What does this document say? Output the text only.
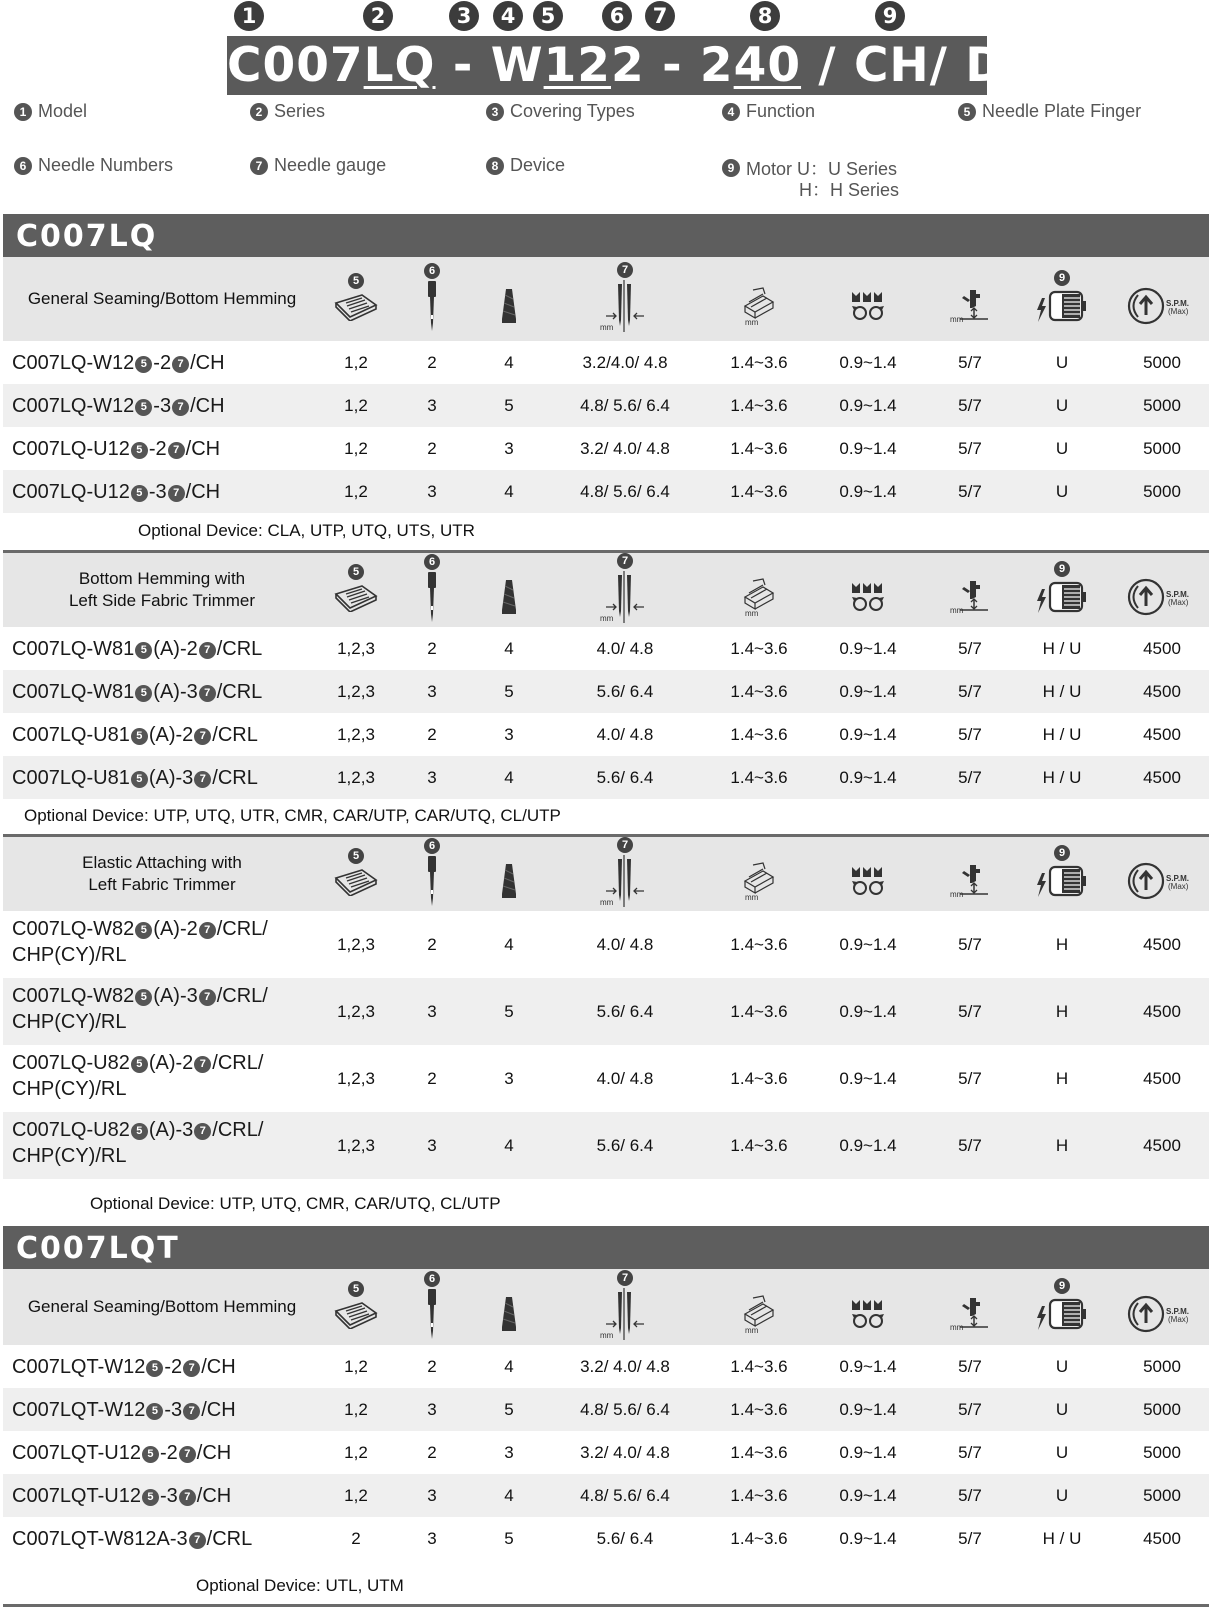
1	2	3	4	5	6	7	8	9
C007LQ - W122 - 240 / CH/ DCLU
1 Model	2 Series	3 Covering Types	4 Function	5 Needle Plate Finger
6 Needle Numbers	7 Needle gauge	8 Device	9 Motor U：U Series
H：H Series
C007LQ
General Seaming/Bottom Hemming
5
6	7
mm
mm	mm
9
S.P.M.
(Max)
C007LQ-W12 5 -2 7 /CH	1,2	2	4	3.2/4.0/ 4.8	1.4~3.6	0.9~1.4	5/7	U	5000
C007LQ-W12 5 -3 7 /CH	1,2	3	5	4.8/ 5.6/ 6.4	1.4~3.6	0.9~1.4	5/7	U	5000
C007LQ-U12 5 -2 7 /CH	1,2	2	3	3.2/ 4.0/ 4.8	1.4~3.6	0.9~1.4	5/7	U	5000
C007LQ-U12 5 -3 7 /CH	1,2	3	4	4.8/ 5.6/ 6.4	1.4~3.6	0.9~1.4	5/7	U	5000
Optional Device: CLA, UTP, UTQ, UTS, UTR
Bottom Hemming with
Left Side Fabric Trimmer
5
6	7
mm
mm	mm
9
S.P.M.
(Max)
C007LQ-W81 5 (A)-2 7 /CRL	1,2,3	2	4	4.0/ 4.8	1.4~3.6	0.9~1.4	5/7	H / U	4500
C007LQ-W81 5 (A)-3 7 /CRL	1,2,3	3	5	5.6/ 6.4	1.4~3.6	0.9~1.4	5/7	H / U	4500
C007LQ-U81 5 (A)-2 7 /CRL	1,2,3	2	3	4.0/ 4.8	1.4~3.6	0.9~1.4	5/7	H / U	4500
C007LQ-U81 5 (A)-3 7 /CRL	1,2,3	3	4	5.6/ 6.4	1.4~3.6	0.9~1.4	5/7	H / U	4500
Optional Device: UTP, UTQ, UTR, CMR, CAR/UTP, CAR/UTQ, CL/UTP
Elastic Attaching with
Left Fabric Trimmer
5
6	7
mm
mm	mm
9
S.P.M.
(Max)
C007LQ-W82 5 (A)-2 7 /CRL/
CHP(CY)/RL	1,2,3	2	4	4.0/ 4.8	1.4~3.6	0.9~1.4	5/7	H	4500
C007LQ-W82 5 (A)-3 7 /CRL/
CHP(CY)/RL	1,2,3	3	5	5.6/ 6.4	1.4~3.6	0.9~1.4	5/7	H	4500
C007LQ-U82 5 (A)-2 7 /CRL/
CHP(CY)/RL	1,2,3	2	3	4.0/ 4.8	1.4~3.6	0.9~1.4	5/7	H	4500
C007LQ-U82 5 (A)-3 7 /CRL/
CHP(CY)/RL	1,2,3	3	4	5.6/ 6.4	1.4~3.6	0.9~1.4	5/7	H	4500
Optional Device: UTP, UTQ, CMR, CAR/UTQ, CL/UTP
C007LQT
General Seaming/Bottom Hemming
5
6	7
mm
mm	mm
9
S.P.M.
(Max)
C007LQT-W12 5 -2 7 /CH	1,2	2	4	3.2/ 4.0/ 4.8	1.4~3.6	0.9~1.4	5/7	U	5000
C007LQT-W12 5 -3 7 /CH	1,2	3	5	4.8/ 5.6/ 6.4	1.4~3.6	0.9~1.4	5/7	U	5000
C007LQT-U12 5 -2 7 /CH	1,2	2	3	3.2/ 4.0/ 4.8	1.4~3.6	0.9~1.4	5/7	U	5000
C007LQT-U12 5 -3 7 /CH	1,2	3	4	4.8/ 5.6/ 6.4	1.4~3.6	0.9~1.4	5/7	U	5000
C007LQT-W812A-3 7 /CRL	2	3	5	5.6/ 6.4	1.4~3.6	0.9~1.4	5/7	H / U	4500
Optional Device: UTL, UTM
